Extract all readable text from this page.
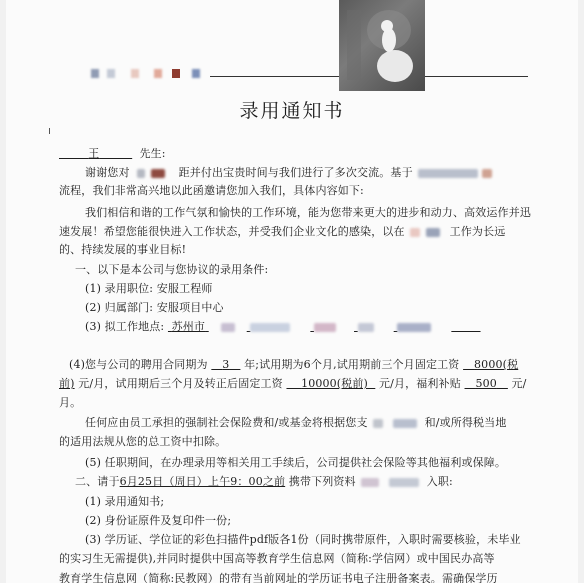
录用通知书
王	先生:
谢谢您对	距并付出宝贵时间与我们进行了多次交流。基于
流程，我们非常高兴地以此函邀请您加入我们，具体内容如下:
我们相信和谐的工作气氛和愉快的工作环境，能为您带来更大的进步和动力、高效运作并迅
速发展！希望您能很快进入工作状态，并受我们企业文化的感染，以在	工作为长远
的、持续发展的事业目标!
一、以下是本公司与您协议的录用条件:
(1) 录用职位: 安服工程师
(2) 归属部门: 安服项目中心
(3) 拟工作地点: 苏州市
(4)您与公司的聘用合同期为 3 年;试用期为6个月,试用期前三个月固定工资 8000(税
前) 元/月，试用期后三个月及转正后固定工资 10000(税前) 元/月，福利补贴 500 元/
月。
任何应由员工承担的强制社会保险费和/或基金将根据您支	和/或所得税当地
的适用法规从您的总工资中扣除。
(5) 任职期间，在办理录用等相关用工手续后，公司提供社会保险等其他福利或保障。
二、请于6月25日（周日）上午9：00之前 携带下列资料	入职:
(1) 录用通知书;
(2) 身份证原件及复印件一份;
(3) 学历证、学位证的彩色扫描件pdf版各1份（同时携带原件，入职时需要核验，未毕业
的实习生无需提供),并同时提供中国高等教育学生信息网（简称:学信网）或中国民办高等
教育学生信息网（简称:民教网）的带有当前网址的学历证书电子注册备案表。需确保学历
